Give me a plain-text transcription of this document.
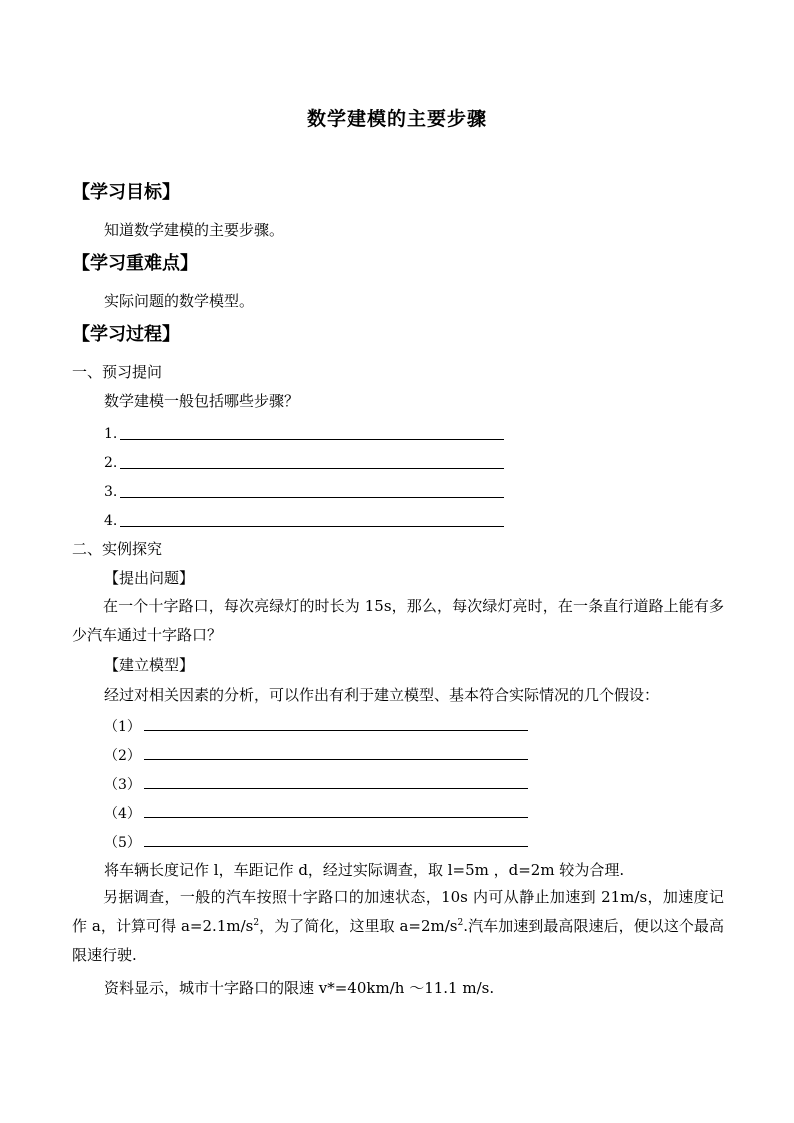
数学建模的主要步骤
【学习目标】
知道数学建模的主要步骤。
【学习重难点】
实际问题的数学模型。
【学习过程】
一、预习提问
数学建模一般包括哪些步骤？
1.
2.
3.
4.
二、实例探究
【提出问题】
在一个十字路口，每次亮绿灯的时长为 15s，那么，每次绿灯亮时，在一条直行道路上能有多少汽车通过十字路口？
【建立模型】
经过对相关因素的分析，可以作出有利于建立模型、基本符合实际情况的几个假设：
（1）
（2）
（3）
（4）
（5）
将车辆长度记作 l，车距记作 d，经过实际调查，取 l=5m ，d=2m 较为合理.
另据调查，一般的汽车按照十字路口的加速状态，10s 内可从静止加速到 21m/s，加速度记作 a，计算可得 $a=2.1m/s^2$，为了简化，这里取 $a=2m/s^2$.汽车加速到最高限速后，便以这个最高限速行驶.
资料显示，城市十字路口的限速 v*=40km/h ～11.1 m/s.
